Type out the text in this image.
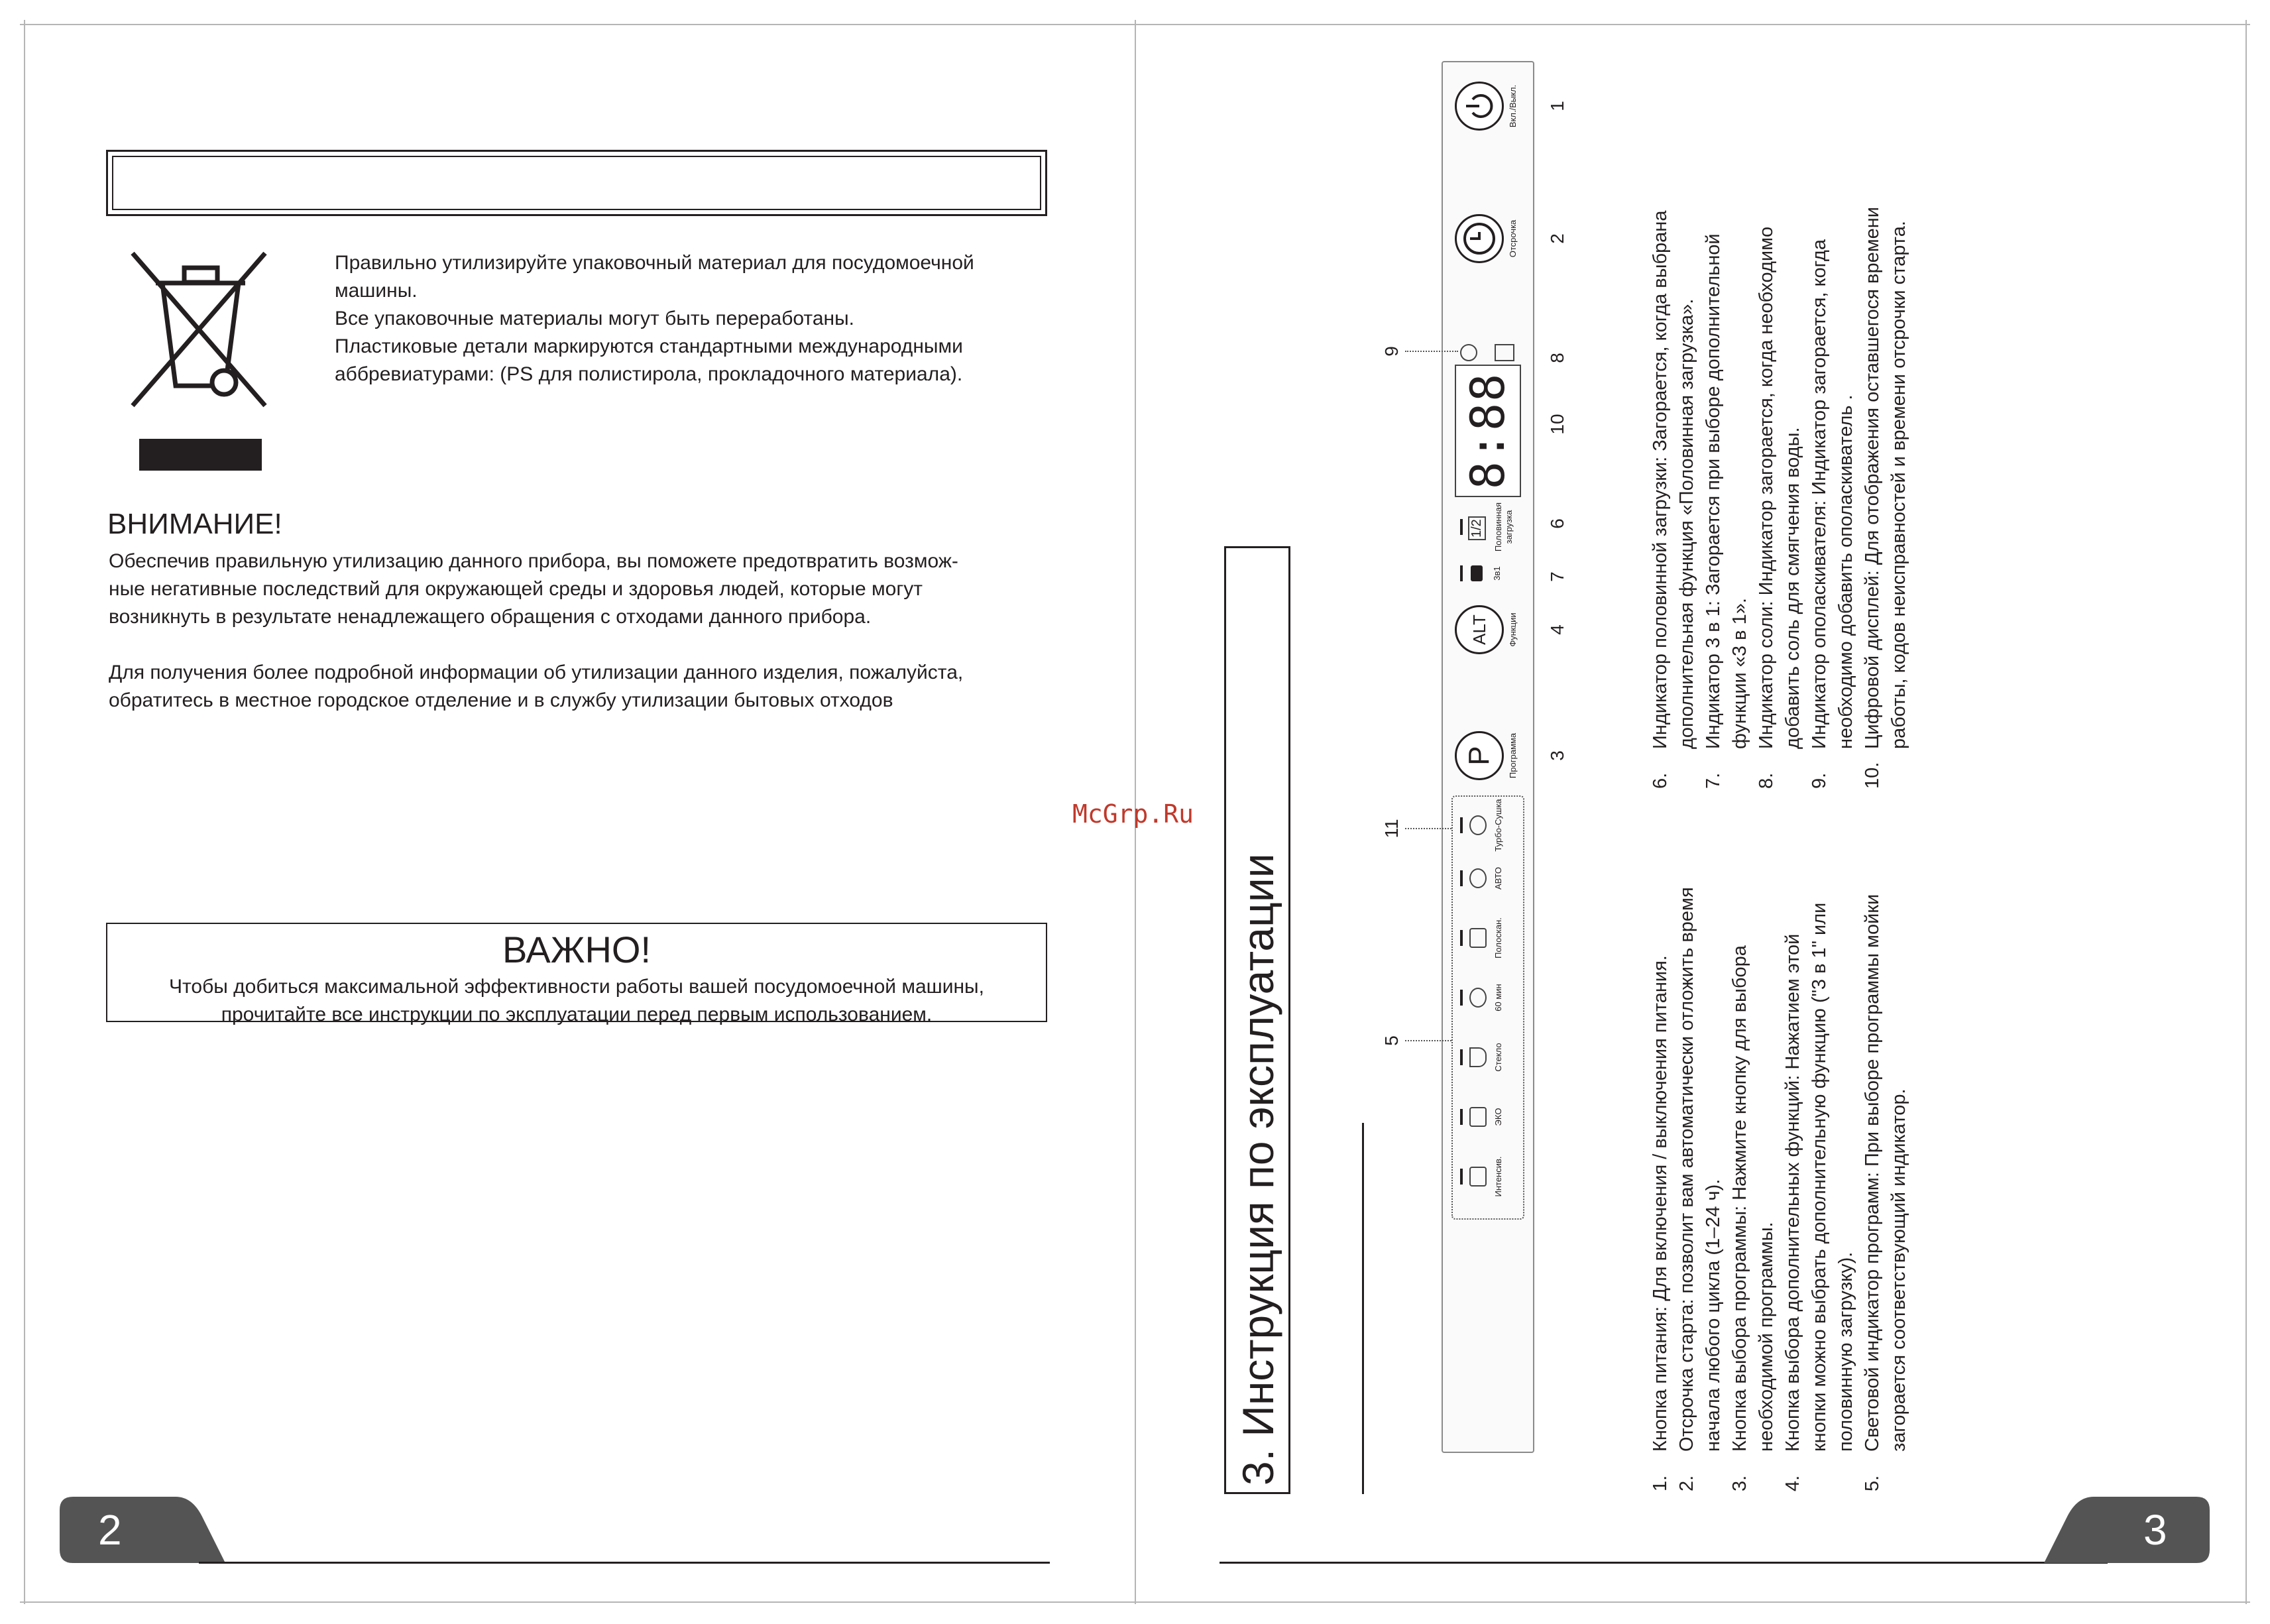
Правильно утилизируйте упаковочный материал для посудомоечной
машины.
Все упаковочные материалы могут быть переработаны.
Пластиковые детали маркируются стандартными международными
аббревиатурами: (PS для полистирола, прокладочного материала).
ВНИМАНИЕ!
Обеспечив правильную утилизацию данного прибора, вы поможете предотвратить возмож-
ные негативные последствий для окружающей среды и здоровья людей, которые могут
возникнуть в результате ненадлежащего обращения с отходами данного прибора.
Для получения более подробной информации об утилизации данного изделия, пожалуйста,
обратитесь в местное городское отделение и в службу утилизации бытовых отходов
ВАЖНО!
Чтобы добиться максимальной эффективности работы вашей посудомоечной машины,
прочитайте все инструкции по эксплуатации перед первым использованием.
2
McGrp.Ru
1.
Кнопка питания: Для включения / выключения питания.
2.
Отсрочка старта: позволит вам автоматически отложить время
начала любого цикла (1–24 ч).
3.
Кнопка выбора программы: Нажмите кнопку для выбора
необходимой программы.
4.
Кнопка выбора дополнительных функций: Нажатием этой
кнопки можно выбрать дополнительную функцию ("3 в 1" или
половинную загрузку).
5.
Световой индикатор программ: При выборе программы мойки
загорается соответствующий индикатор.
6.
Индикатор половинной загрузки: Загорается, когда выбрана
дополнительная функция «Половинная загрузка».
7.
Индикатор 3 в 1: Загорается при выборе дополнительной
функции «3 в 1».
8.
Индикатор соли: Индикатор загорается, когда необходимо
добавить соль для смягчения воды.
9.
Индикатор ополаскивателя: Индикатор загорается, когда
необходимо добавить ополаскиватель .
10.
Цифровой дисплей: Для отображения оставшегося времени
работы, кодов неисправностей и времени отсрочки старта.
3. Инструкция по эксплуатации	Интенсив.
ЭКО
Стекло
60 мин
Полоскан.
АВТО
Турбо-Сушка
P	Программа
ALT	Функции
3в1
1/2 Половинная загрузка
8:88
Отсрочка
Вкл./Выкл.
3
4
7
6
10
8
2
1
5
11
9
3
